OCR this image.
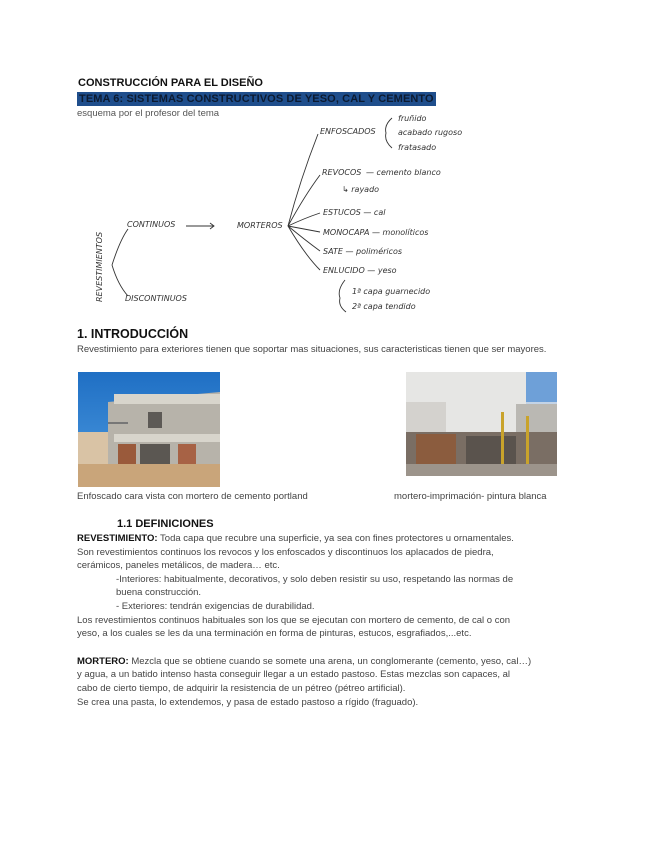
CONSTRUCCIÓN PARA EL DISEÑO
TEMA 6: SISTEMAS CONSTRUCTIVOS DE YESO, CAL Y CEMENTO
esquema por el profesor del tema
REVESTIMIENTOS
CONTINUOS
DISCONTINUOS
MORTEROS
ENFOSCADOS
fruñido
acabado rugoso
fratasado
REVOCOS — cemento blanco
↳ rayado
ESTUCOS — cal
MONOCAPA — monolíticos
SATE — poliméricos
ENLUCIDO — yeso
1ª capa guarnecido
2ª capa tendido
1. INTRODUCCIÓN
Revestimiento para exteriores tienen que soportar mas situaciones, sus caracteristicas tienen que ser mayores.
Enfoscado cara vista con mortero de cemento portland	mortero-imprimación- pintura blanca
1.1 DEFINICIONES
REVESTIMIENTO: Toda capa que recubre una superficie, ya sea con fines protectores u ornamentales.
Son revestimientos continuos los revocos y los enfoscados y discontinuos los aplacados de piedra,
cerámicos, paneles metálicos, de madera… etc.
-Interiores: habitualmente, decorativos, y solo deben resistir su uso, respetando las normas de
buena construcción.
- Exteriores: tendrán exigencias de durabilidad.
Los revestimientos continuos habituales son los que se ejecutan con mortero de cemento, de cal o con
yeso, a los cuales se les da una terminación en forma de pinturas, estucos, esgrafiados,...etc.
MORTERO: Mezcla que se obtiene cuando se somete una arena, un conglomerante (cemento, yeso, cal…)
y agua, a un batido intenso hasta conseguir llegar a un estado pastoso. Estas mezclas son capaces, al
cabo de cierto tiempo, de adquirir la resistencia de un pétreo (pétreo artificial).
Se crea una pasta, lo extendemos, y pasa de estado pastoso a rígido (fraguado).
